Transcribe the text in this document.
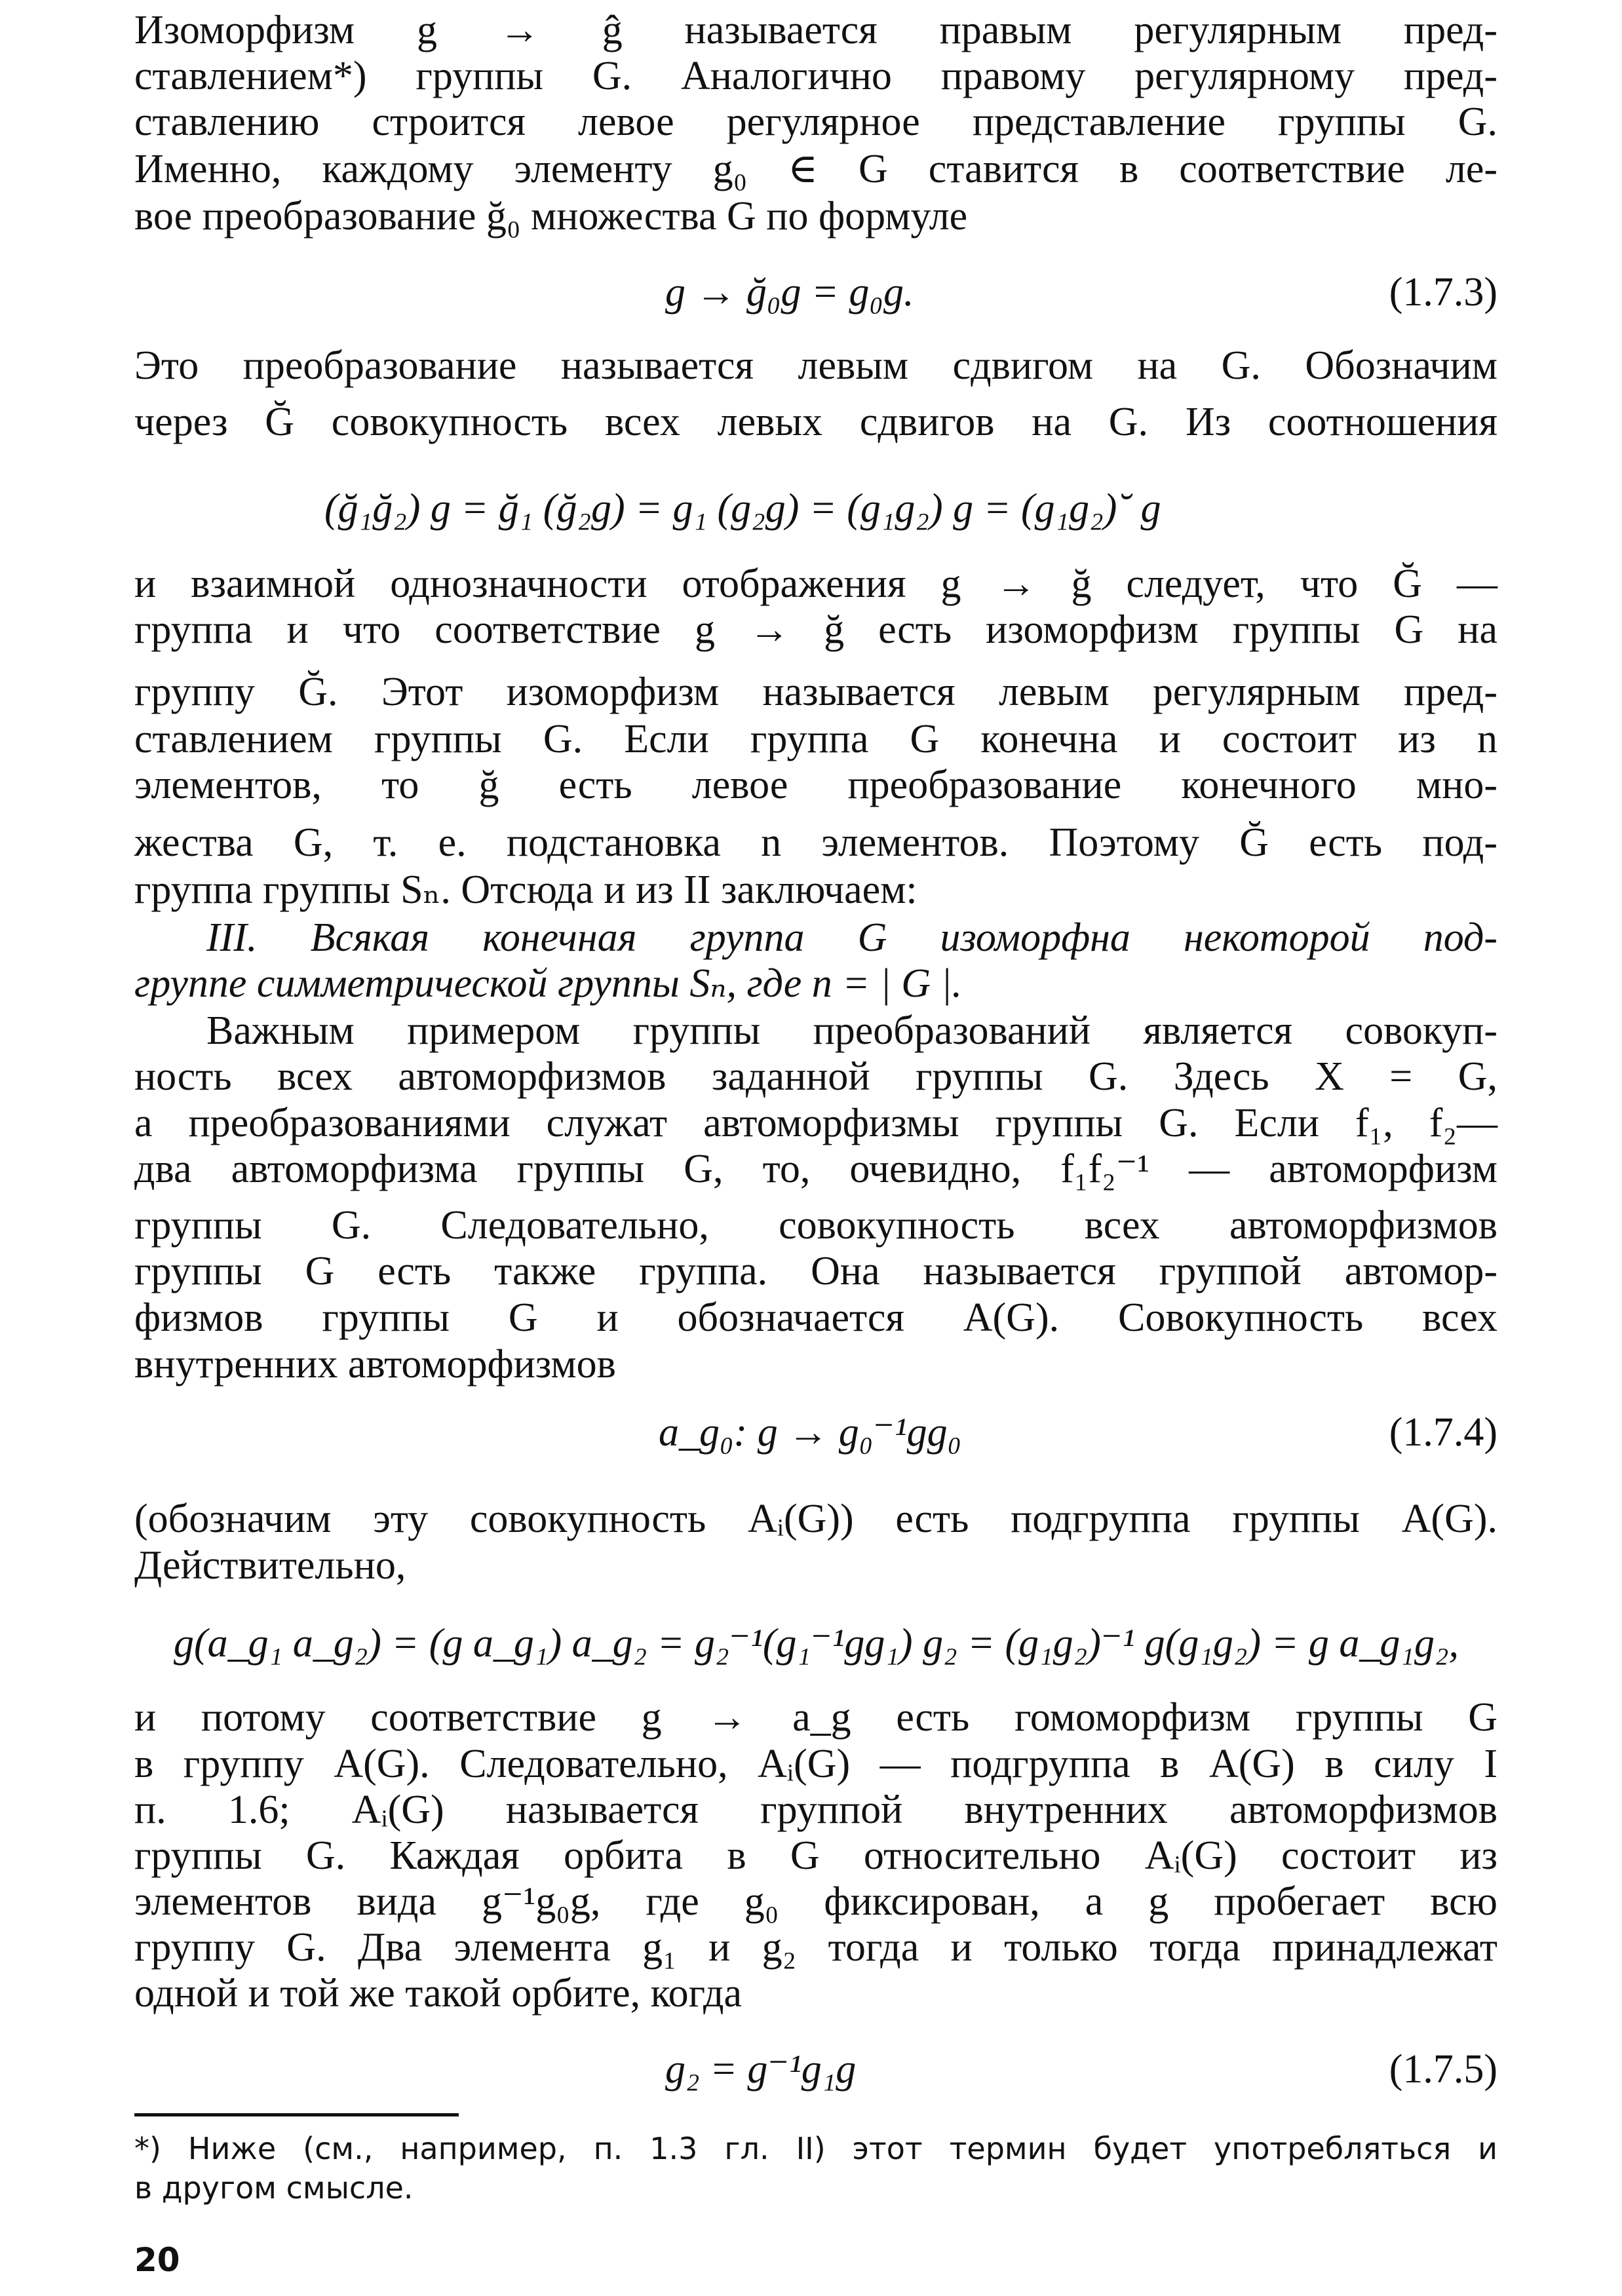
Изоморфизм g → ĝ называется правым регулярным пред-
ставлением*) группы G. Аналогично правому регулярному пред-
ставлению строится левое регулярное представление группы G.
Именно, каждому элементу g₀ ∈ G ставится в соответствие ле-
вое преобразование ğ₀ множества G по формуле
g → ğ₀g = g₀g.	(1.7.3)
Это преобразование называется левым сдвигом на G. Обозначим
через Ğ совокупность всех левых сдвигов на G. Из соотношения
(ğ₁ğ₂) g = ğ₁ (ğ₂g) = g₁ (g₂g) = (g₁g₂) g = (g₁g₂)˘ g
и взаимной однозначности отображения g → ğ следует, что Ğ —
группа и что соответствие g → ğ есть изоморфизм группы G на
группу Ğ. Этот изоморфизм называется левым регулярным пред-
ставлением группы G. Если группа G конечна и состоит из n
элементов, то ğ есть левое преобразование конечного мно-
жества G, т. е. подстановка n элементов. Поэтому Ğ есть под-
группа группы Sₙ. Отсюда и из II заключаем:
III. Всякая конечная группа G изоморфна некоторой под-
группе симметрической группы Sₙ, где n = | G |.
Важным примером группы преобразований является совокуп-
ность всех автоморфизмов заданной группы G. Здесь X = G,
а преобразованиями служат автоморфизмы группы G. Если f₁, f₂—
два автоморфизма группы G, то, очевидно, f₁f₂⁻¹ — автоморфизм
группы G. Следовательно, совокупность всех автоморфизмов
группы G есть также группа. Она называется группой автомор-
физмов группы G и обозначается A(G). Совокупность всех
внутренних автоморфизмов
a_g₀: g → g₀⁻¹gg₀	(1.7.4)
(обозначим эту совокупность Aᵢ(G)) есть подгруппа группы A(G).
Действительно,
g(a_g₁ a_g₂) = (g a_g₁) a_g₂ = g₂⁻¹(g₁⁻¹gg₁) g₂ = (g₁g₂)⁻¹ g(g₁g₂) = g a_g₁g₂,
и потому соответствие g → a_g есть гомоморфизм группы G
в группу A(G). Следовательно, Aᵢ(G) — подгруппа в A(G) в силу I
п. 1.6; Aᵢ(G) называется группой внутренних автоморфизмов
группы G. Каждая орбита в G относительно Aᵢ(G) состоит из
элементов вида g⁻¹g₀g, где g₀ фиксирован, а g пробегает всю
группу G. Два элемента g₁ и g₂ тогда и только тогда принадлежат
одной и той же такой орбите, когда
g₂ = g⁻¹g₁g	(1.7.5)
*) Ниже (см., например, п. 1.3 гл. II) этот термин будет употребляться и
в другом смысле.
20
